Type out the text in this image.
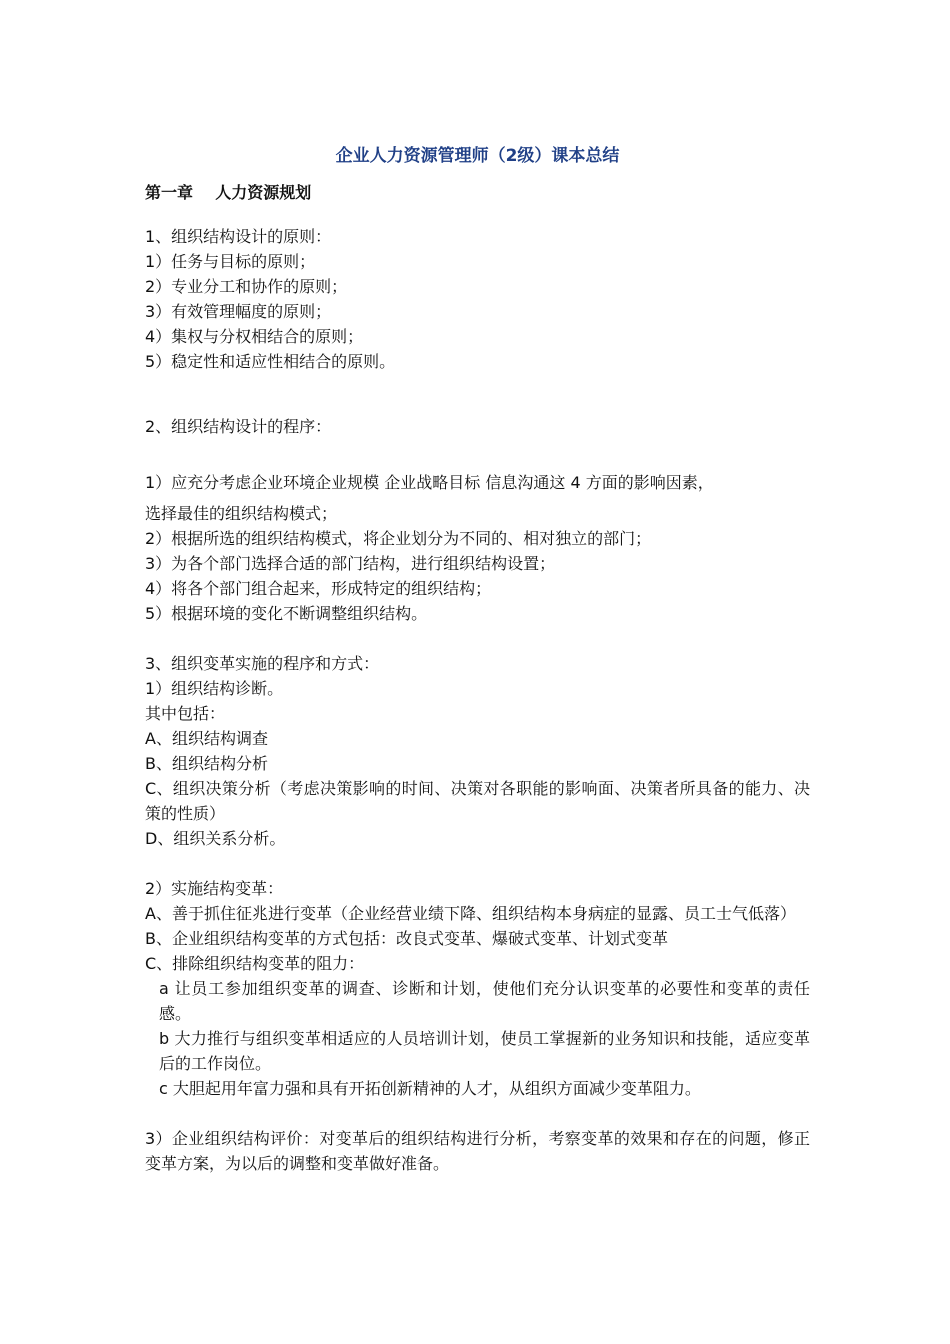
企业人力资源管理师（2级）课本总结

第一章    人力资源规划

1、组织结构设计的原则：

1）任务与目标的原则；

2）专业分工和协作的原则；

3）有效管理幅度的原则；

4）集权与分权相结合的原则；

5）稳定性和适应性相结合的原则。

2、组织结构设计的程序：

1）应充分考虑企业环境企业规模 企业战略目标 信息沟通这 4 方面的影响因素，

选择最佳的组织结构模式；

2）根据所选的组织结构模式，将企业划分为不同的、相对独立的部门；

3）为各个部门选择合适的部门结构，进行组织结构设置；

4）将各个部门组合起来，形成特定的组织结构；

5）根据环境的变化不断调整组织结构。

3、组织变革实施的程序和方式：

1）组织结构诊断。

其中包括：

A、组织结构调查

B、组织结构分析

C、组织决策分析（考虑决策影响的时间、决策对各职能的影响面、决策者所具备的能力、决策的性质）

D、组织关系分析。

2）实施结构变革：

A、善于抓住征兆进行变革（企业经营业绩下降、组织结构本身病症的显露、员工士气低落）

B、企业组织结构变革的方式包括：改良式变革、爆破式变革、计划式变革

C、排除组织结构变革的阻力：

a 让员工参加组织变革的调查、诊断和计划，使他们充分认识变革的必要性和变革的责任感。

b 大力推行与组织变革相适应的人员培训计划，使员工掌握新的业务知识和技能，适应变革后的工作岗位。

c 大胆起用年富力强和具有开拓创新精神的人才，从组织方面减少变革阻力。

3）企业组织结构评价：对变革后的组织结构进行分析，考察变革的效果和存在的问题，修正变革方案，为以后的调整和变革做好准备。
